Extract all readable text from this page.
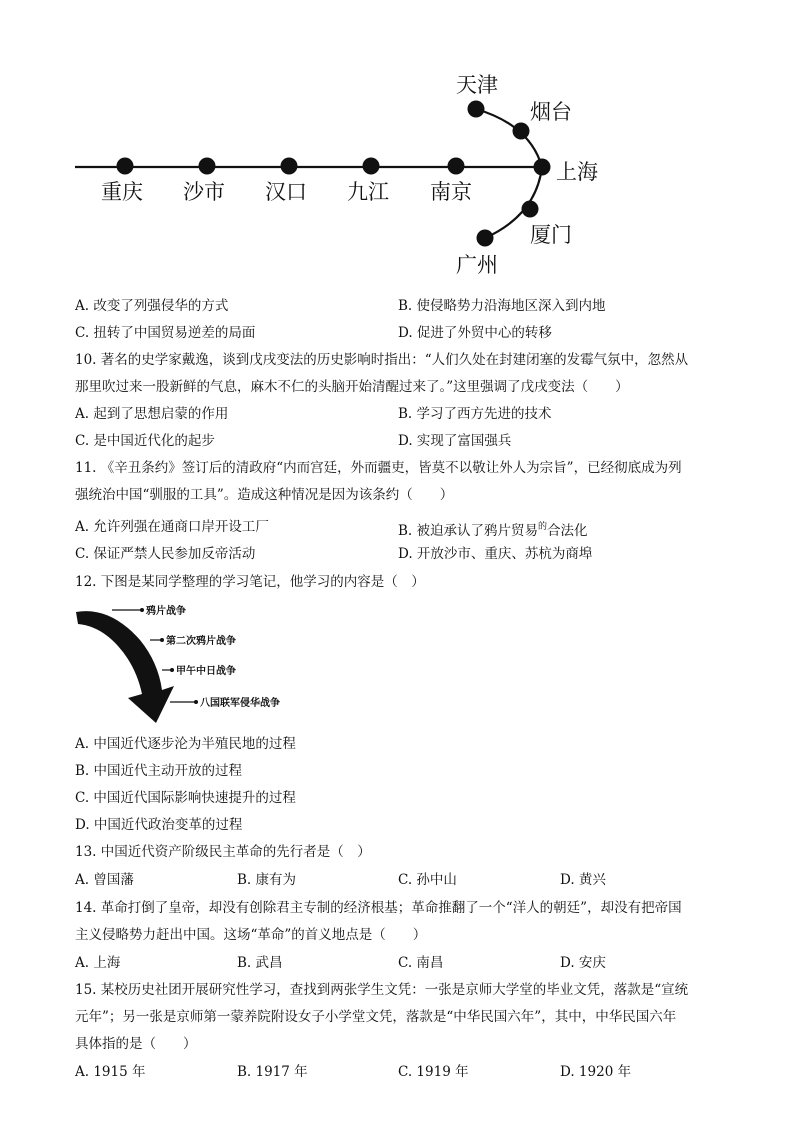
重庆 沙市 汉口 九江 南京
上海
天津
烟台
厦门
广州
A. 改变了列强侵华的方式	B. 使侵略势力沿海地区深入到内地
C. 扭转了中国贸易逆差的局面	D. 促进了外贸中心的转移
10. 著名的史学家戴逸，谈到戊戌变法的历史影响时指出：“人们久处在封建闭塞的发霉气氛中，忽然从
那里吹过来一股新鲜的气息，麻木不仁的头脑开始清醒过来了。”这里强调了戊戌变法（　　）
A. 起到了思想启蒙的作用	B. 学习了西方先进的技术
C. 是中国近代化的起步	D. 实现了富国强兵
11. 《辛丑条约》签订后的清政府“内而宫廷，外而疆吏，皆莫不以敬让外人为宗旨”，已经彻底成为列
强统治中国“驯服的工具”。造成这种情况是因为该条约（　　）
A. 允许列强在通商口岸开设工厂	B. 被迫承认了鸦片贸易$^的$合法化
C. 保证严禁人民参加反帝活动	D. 开放沙市、重庆、苏杭为商埠
12. 下图是某同学整理的学习笔记，他学习的内容是（　）
鸦片战争
第二次鸦片战争
甲午中日战争
八国联军侵华战争
A. 中国近代逐步沦为半殖民地的过程
B. 中国近代主动开放的过程
C. 中国近代国际影响快速提升的过程
D. 中国近代政治变革的过程
13. 中国近代资产阶级民主革命的先行者是（　）
A. 曾国藩	B. 康有为	C. 孙中山	D. 黄兴
14. 革命打倒了皇帝，却没有创除君主专制的经济根基；革命推翻了一个“洋人的朝廷”，却没有把帝国
主义侵略势力赶出中国。这场“革命”的首义地点是（　　）
A. 上海	B. 武昌	C. 南昌	D. 安庆
15. 某校历史社团开展研究性学习，查找到两张学生文凭：一张是京师大学堂的毕业文凭，落款是“宣统
元年”；另一张是京师第一蒙养院附设女子小学堂文凭，落款是“中华民国六年”，其中，中华民国六年
具体指的是（　　）
A. 1915 年	B. 1917 年	C. 1919 年	D. 1920 年
